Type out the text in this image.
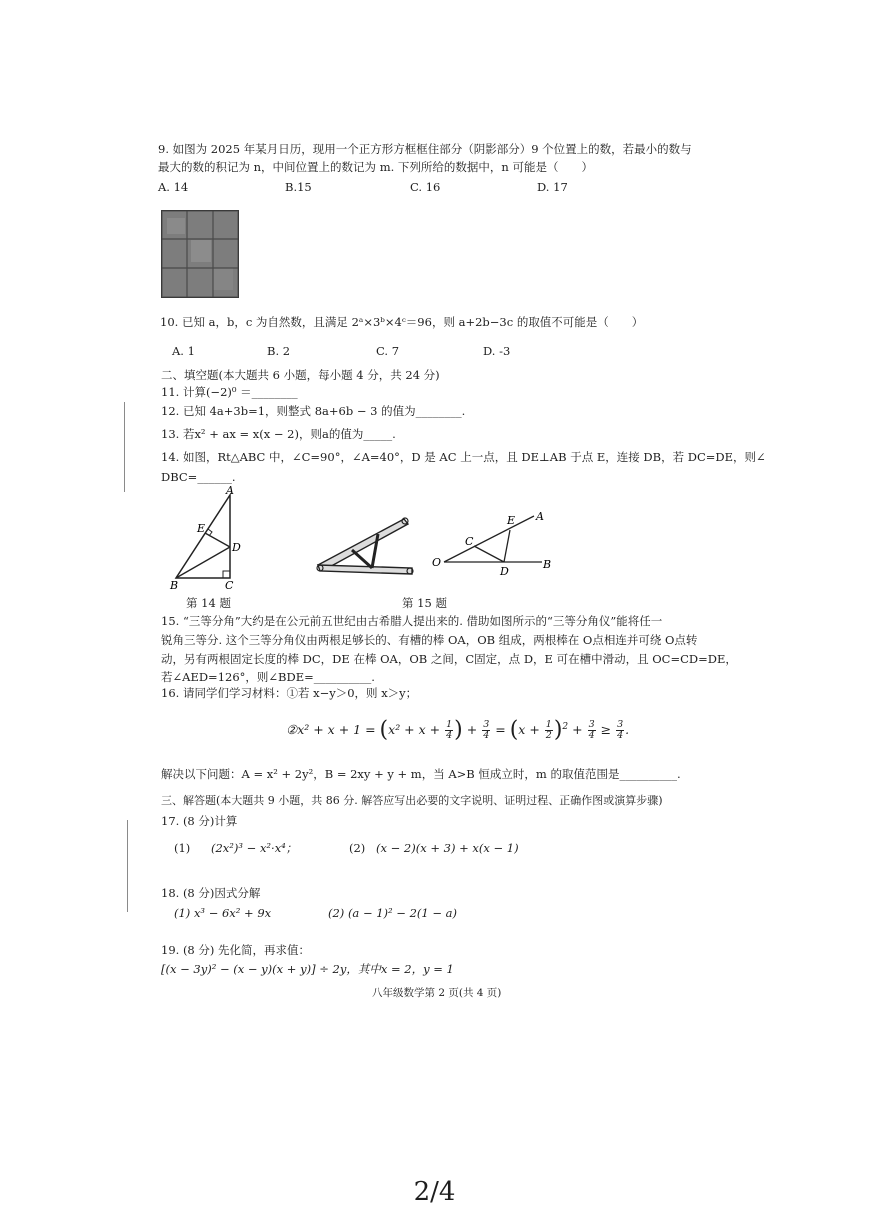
9. 如图为 2025 年某月日历，现用一个正方形方框框住部分（阴影部分）9 个位置上的数，若最小的数与
最大的数的积记为 n，中间位置上的数记为 m. 下列所给的数据中，n 可能是（　　）
A. 14	B.15	C. 16	D. 17
10. 已知 a，b，c 为自然数，且满足 2ᵃ×3ᵇ×4ᶜ＝96，则 a+2b−3c 的取值不可能是（　　）
A. 1	B. 2	C. 7	D. -3
二、填空题(本大题共 6 小题，每小题 4 分，共 24 分)
11. 计算(−2)⁰ ＝________
12. 已知 4a+3b=1，则整式 8a+6b − 3 的值为________.
13. 若x² + ax = x(x − 2)，则a的值为_____.
14. 如图，Rt△ABC 中，∠C=90°，∠A=40°，D 是 AC 上一点，且 DE⊥AB 于点 E，连接 DB，若 DC=DE，则∠
DBC=______.
A
E
D
B	C
E A
C
O
D
B
第 14 题	第 15 题
15. “三等分角”大约是在公元前五世纪由古希腊人提出来的. 借助如图所示的“三等分角仪”能将任一
锐角三等分. 这个三等分角仪由两根足够长的、有槽的棒 OA，OB 组成，两根棒在 O点相连并可绕 O点转
动，另有两根固定长度的棒 DC，DE 在棒 OA，OB 之间，C固定，点 D，E 可在槽中滑动，且 OC=CD=DE，
若∠AED=126°，则∠BDE=__________.
16. 请同学们学习材料：①若 x−y＞0，则 x＞y；
②x² + $x + 1 = (x^2 + x + \frac{1}{4}$ ) + $\frac{3}{4} = (x + \frac{1}{2} )^2 + \frac{3}{4} \ge \frac{3}{4}$ .
解决以下问题：A = x² + 2y²，B = 2xy + y + m，当 A>B 恒成立时，m 的取值范围是__________.
三、解答题(本大题共 9 小题，共 86 分. 解答应写出必要的文字说明、证明过程、正确作图或演算步骤)
17. (8 分)计算
(1) (2x²)³ − x²·x⁴；	(2) (x − 2)(x + 3) + x(x − 1)
18. (8 分)因式分解
(1) x³ − 6x² + 9x	(2) (a − 1)² − 2(1 − a)
19. (8 分) 先化简，再求值：
[(x − 3y)² − (x − y)(x + y)] ÷ 2y，其中x = 2，y = 1
八年级数学第 2 页(共 4 页)
2/4
